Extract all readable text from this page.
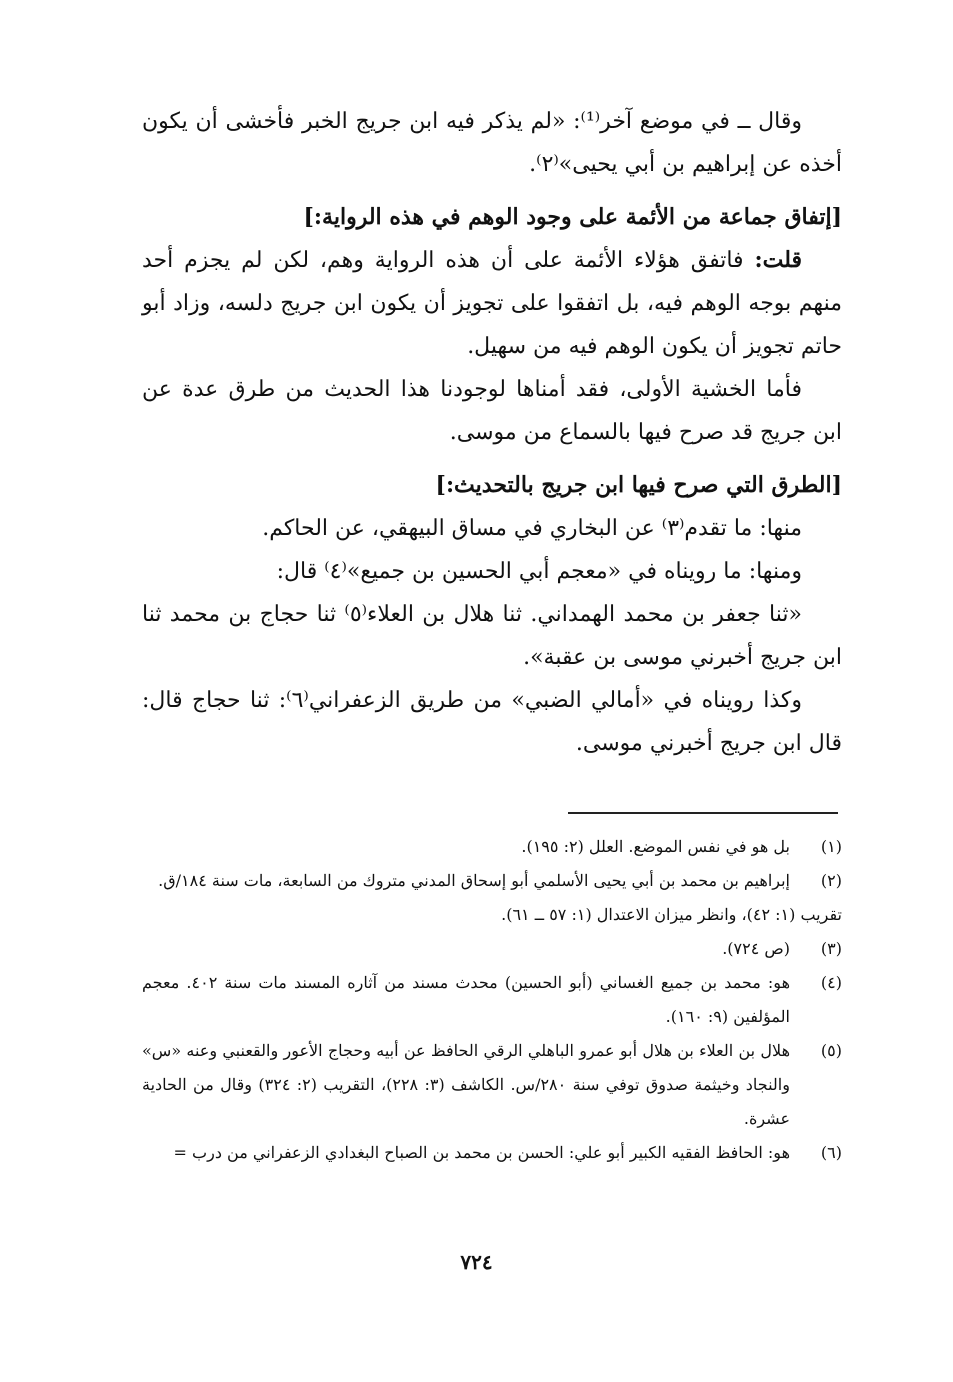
وقال ــ في موضع آخر⁽¹⁾: «لم يذكر فيه ابن جريج الخبر فأخشى أن يكون أخذه عن إبراهيم بن أبي يحيى»⁽٢⁾.

[إتفاق جماعة من الأئمة على وجود الوهم في هذه الرواية:]

قلت: فاتفق هؤلاء الأئمة على أن هذه الرواية وهم، لكن لم يجزم أحد منهم بوجه الوهم فيه، بل اتفقوا على تجويز أن يكون ابن جريج دلسه، وزاد أبو حاتم تجويز أن يكون الوهم فيه من سهيل.

فأما الخشية الأولى، فقد أمناها لوجودنا هذا الحديث من طرق عدة عن ابن جريج قد صرح فيها بالسماع من موسى.

[الطرق التي صرح فيها ابن جريج بالتحديث:]

منها: ما تقدم⁽٣⁾ عن البخاري في مساق البيهقي، عن الحاكم.

ومنها: ما رويناه في «معجم أبي الحسين بن جميع»⁽٤⁾ قال:

«ثنا جعفر بن محمد الهمداني. ثنا هلال بن العلاء⁽٥⁾ ثنا حجاج بن محمد ثنا ابن جريج أخبرني موسى بن عقبة».

وكذا رويناه في «أمالي الضبي» من طريق الزعفراني⁽٦⁾: ثنا حجاج قال: قال ابن جريج أخبرني موسى.

(١)
بل هو في نفس الموضع. العلل (٢: ١٩٥).
(٢)
إبراهيم بن محمد بن أبي يحيى الأسلمي أبو إسحاق المدني متروك من السابعة، مات سنة ١٨٤/ق.
تقريب (١: ٤٢)، وانظر ميزان الاعتدال (١: ٥٧ ــ ٦١).
(٣)
(ص ٧٢٤).
(٤)
هو: محمد بن جميع الغساني (أبو الحسين) محدث مسند من آثاره المسند مات سنة ٤٠٢. معجم المؤلفين (٩: ١٦٠).
(٥)
هلال بن العلاء بن هلال أبو عمرو الباهلي الرقي الحافظ عن أبيه وحجاج الأعور والقعنبي وعنه «س» والنجاد وخيثمة صدوق توفي سنة ٢٨٠/س. الكاشف (٣: ٢٢٨)، التقريب (٢: ٣٢٤) وقال من الحادية عشرة.
(٦)
هو: الحافظ الفقيه الكبير أبو علي: الحسن بن محمد بن الصباح البغدادي الزعفراني من درب =
٧٢٤
